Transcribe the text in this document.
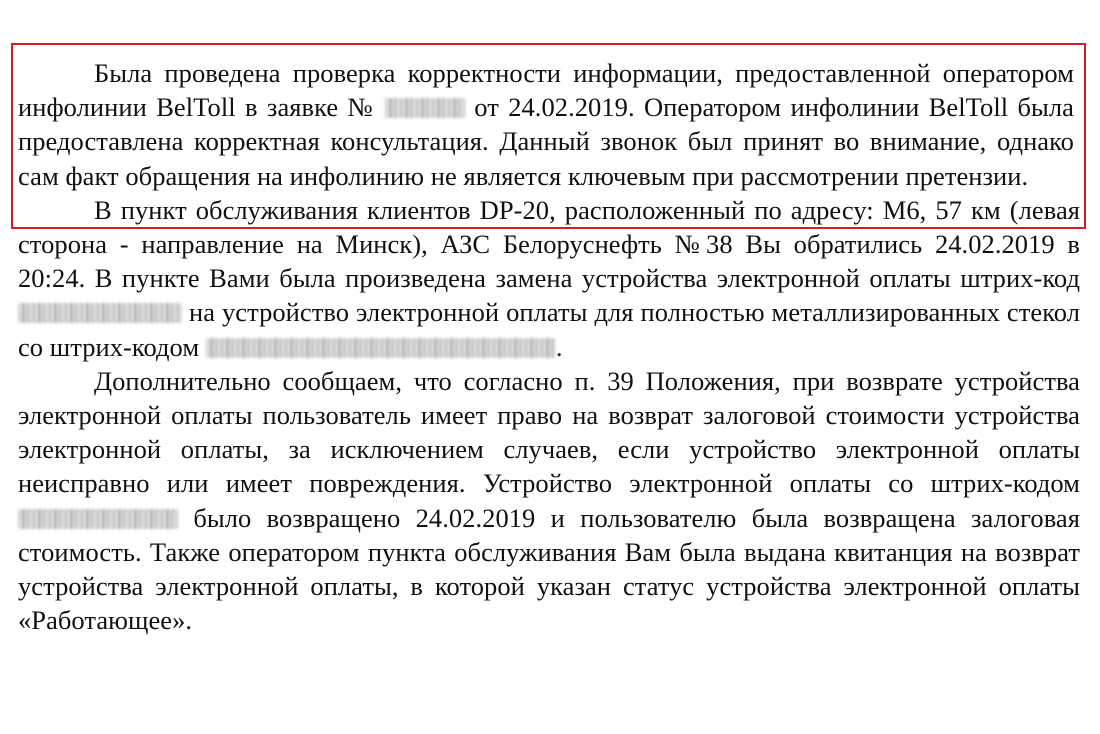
Была проведена проверка корректности информации, предоставленной оператором инфолинии BelToll в заявке №	от 24.02.2019. Оператором инфолинии BelToll была предоставлена корректная консультация. Данный звонок был принят во внимание, однако сам факт обращения на инфолинию не является ключевым при рассмотрении претензии.

В пункт обслуживания клиентов DP-20, расположенный по адресу: М6, 57 км (левая сторона - направление на Минск), АЗС Белоруснефть №38 Вы обратились 24.02.2019 в 20:24. В пункте Вами была произведена замена устройства электронной оплаты штрих-код  на устройство электронной оплаты для полностью металлизированных стекол со штрих-кодом	.

Дополнительно сообщаем, что согласно п. 39 Положения, при возврате устройства электронной оплаты пользователь имеет право на возврат залоговой стоимости устройства электронной оплаты, за исключением случаев, если устройство электронной оплаты неисправно или имеет повреждения. Устройство электронной оплаты со штрих-кодом  было возвращено 24.02.2019 и пользователю была возвращена залоговая стоимость. Также оператором пункта обслуживания Вам была выдана квитанция на возврат устройства электронной оплаты, в которой указан статус устройства электронной оплаты «Работающее».
